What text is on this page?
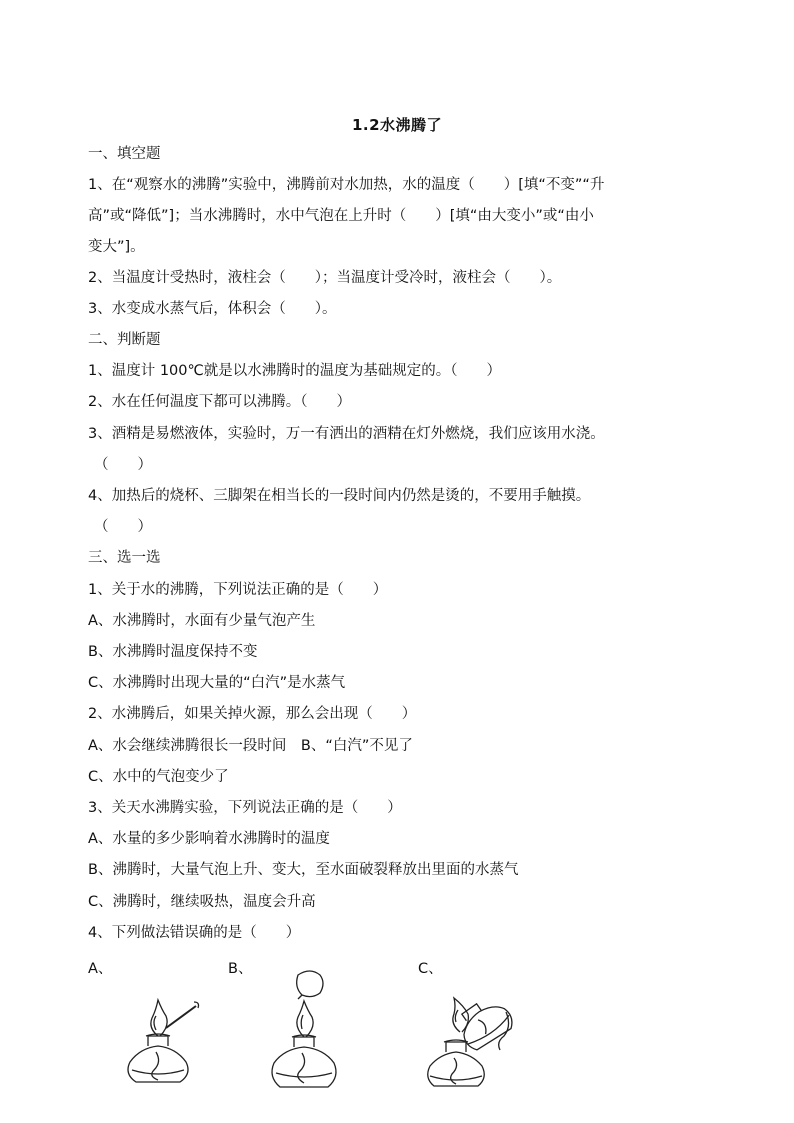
1.2水沸腾了
一、填空题
1、在“观察水的沸腾”实验中，沸腾前对水加热，水的温度（　　）[填“不变”“升
高”或“降低”]；当水沸腾时，水中气泡在上升时（　　）[填“由大变小”或“由小
变大”]。
2、当温度计受热时，液柱会（　　）；当温度计受冷时，液柱会（　　）。
3、水变成水蒸气后，体积会（　　）。
二、判断题
1、温度计 100℃就是以水沸腾时的温度为基础规定的。（　　）
2、水在任何温度下都可以沸腾。（　　）
3、酒精是易燃液体，实验时，万一有洒出的酒精在灯外燃烧，我们应该用水浇。
（　　）
4、加热后的烧杯、三脚架在相当长的一段时间内仍然是烫的，不要用手触摸。
（　　）
三、选一选
1、关于水的沸腾，下列说法正确的是（　　）
A、水沸腾时，水面有少量气泡产生
B、水沸腾时温度保持不变
C、水沸腾时出现大量的“白汽”是水蒸气
2、水沸腾后，如果关掉火源，那么会出现（　　）
A、水会继续沸腾很长一段时间　B、“白汽”不见了
C、水中的气泡变少了
3、关天水沸腾实验，下列说法正确的是（　　）
A、水量的多少影响着水沸腾时的温度
B、沸腾时，大量气泡上升、变大，至水面破裂释放出里面的水蒸气
C、沸腾时，继续吸热，温度会升高
4、下列做法错误确的是（　　）
A、	B、	C、
